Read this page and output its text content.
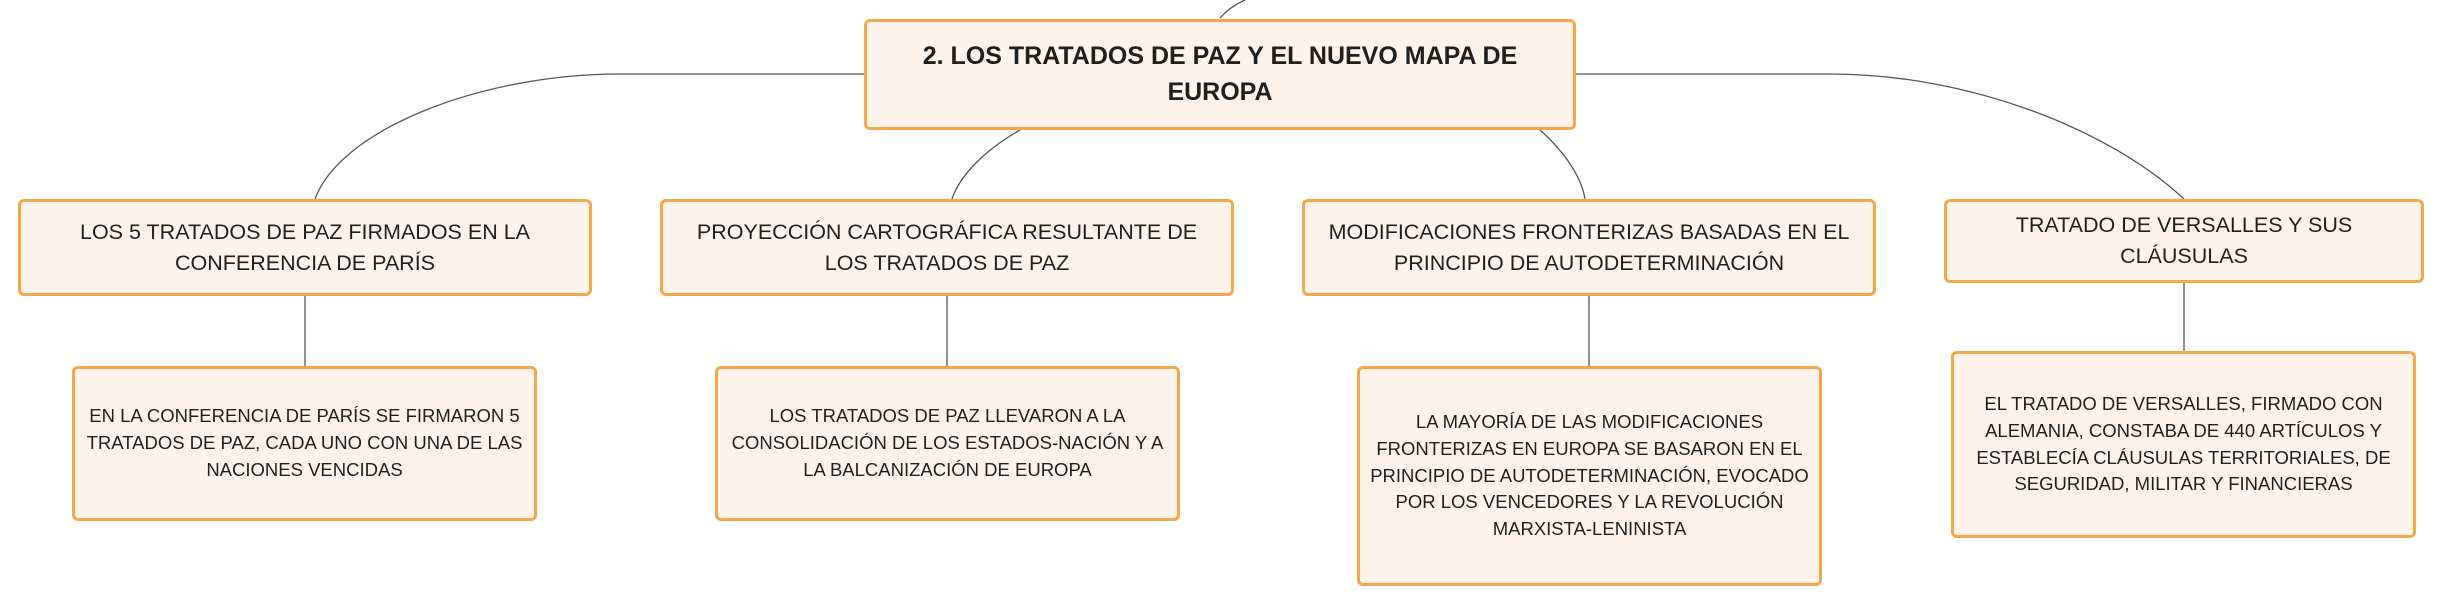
2. LOS TRATADOS DE PAZ Y EL NUEVO MAPA DE EUROPA
LOS 5 TRATADOS DE PAZ FIRMADOS EN LA CONFERENCIA DE PARÍS
PROYECCIÓN CARTOGRÁFICA RESULTANTE DE LOS TRATADOS DE PAZ
MODIFICACIONES FRONTERIZAS BASADAS EN EL PRINCIPIO DE AUTODETERMINACIÓN
TRATADO DE VERSALLES Y SUS CLÁUSULAS
EN LA CONFERENCIA DE PARÍS SE FIRMARON 5 TRATADOS DE PAZ, CADA UNO CON UNA DE LAS NACIONES VENCIDAS
LOS TRATADOS DE PAZ LLEVARON A LA CONSOLIDACIÓN DE LOS ESTADOS-NACIÓN Y A LA BALCANIZACIÓN DE EUROPA
LA MAYORÍA DE LAS MODIFICACIONES FRONTERIZAS EN EUROPA SE BASARON EN EL PRINCIPIO DE AUTODETERMINACIÓN, EVOCADO POR LOS VENCEDORES Y LA REVOLUCIÓN MARXISTA-LENINISTA
EL TRATADO DE VERSALLES, FIRMADO CON ALEMANIA, CONSTABA DE 440 ARTÍCULOS Y ESTABLECÍA CLÁUSULAS TERRITORIALES, DE SEGURIDAD, MILITAR Y FINANCIERAS
